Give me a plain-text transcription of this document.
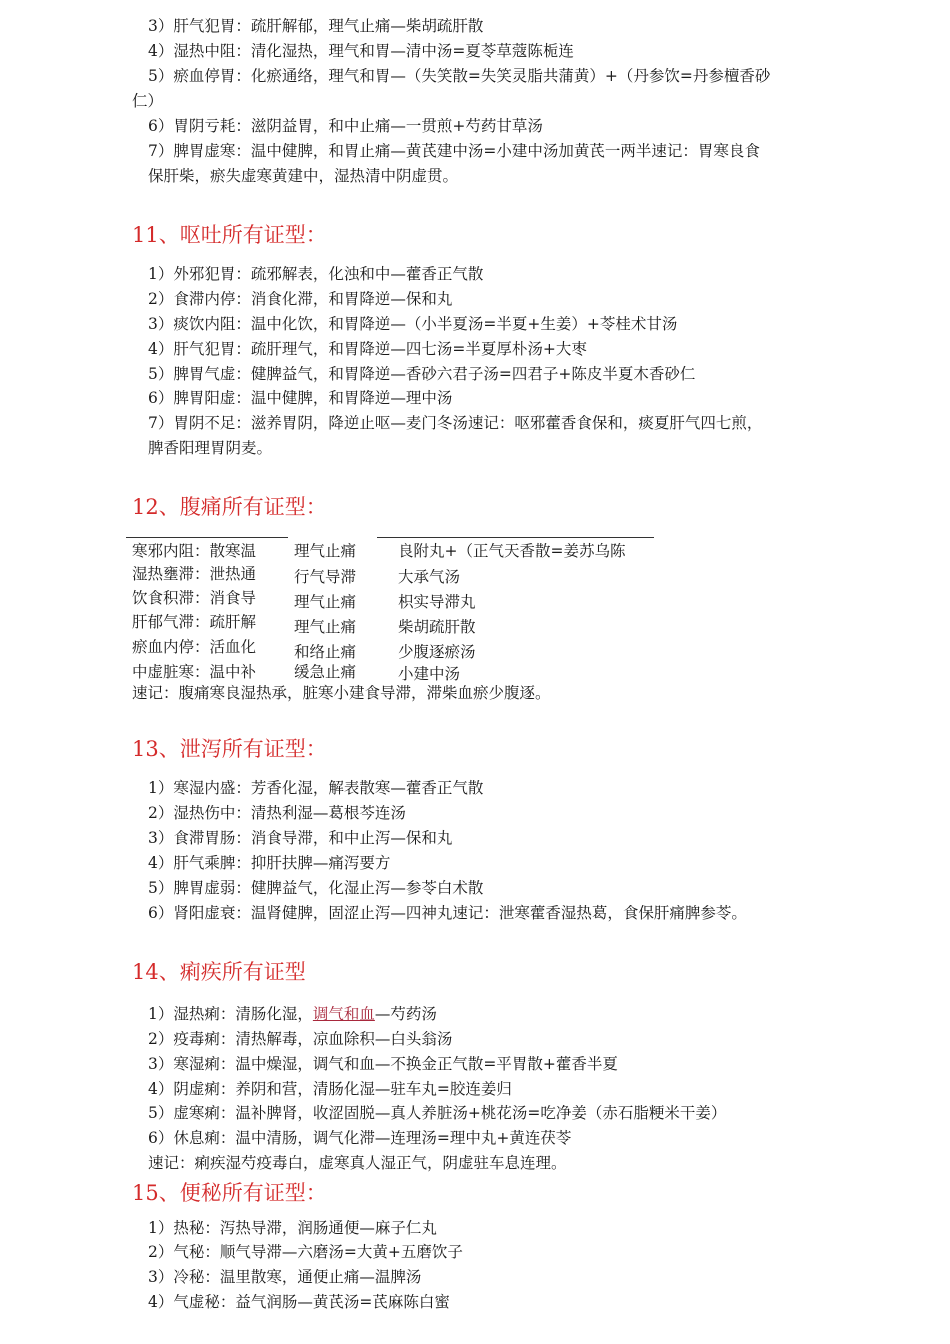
3）肝气犯胃：疏肝解郁，理气止痛—柴胡疏肝散
4）湿热中阻：清化湿热，理气和胃—清中汤=夏苓草蔻陈栀连
5）瘀血停胃：化瘀通络，理气和胃—（失笑散=失笑灵脂共蒲黄）+（丹参饮=丹参檀香砂
仁）
6）胃阴亏耗：滋阴益胃，和中止痛—一贯煎+芍药甘草汤
7）脾胃虚寒：温中健脾，和胃止痛—黄芪建中汤=小建中汤加黄芪一两半速记：胃寒良食
保肝柴，瘀失虚寒黄建中，湿热清中阴虚贯。
11、呕吐所有证型：
1）外邪犯胃：疏邪解表，化浊和中—藿香正气散
2）食滞内停：消食化滞，和胃降逆—保和丸
3）痰饮内阻：温中化饮，和胃降逆—（小半夏汤=半夏+生姜）+苓桂术甘汤
4）肝气犯胃：疏肝理气，和胃降逆—四七汤=半夏厚朴汤+大枣
5）脾胃气虚：健脾益气，和胃降逆—香砂六君子汤=四君子+陈皮半夏木香砂仁
6）脾胃阳虚：温中健脾，和胃降逆—理中汤
7）胃阴不足：滋养胃阴，降逆止呕—麦门冬汤速记：呕邪藿香食保和，痰夏肝气四七煎，
脾香阳理胃阴麦。
12、腹痛所有证型：
寒邪内阻：散寒温 理气止痛	良附丸+（正气天香散=姜苏乌陈
湿热壅滞：泄热通 行气导滞	大承气汤
饮食积滞：消食导 理气止痛	枳实导滞丸
肝郁气滞：疏肝解 理气止痛	柴胡疏肝散
瘀血内停：活血化 和络止痛	少腹逐瘀汤
中虚脏寒：温中补 缓急止痛	小建中汤
速记：腹痛寒良湿热承，脏寒小建食导滞，滞柴血瘀少腹逐。
13、泄泻所有证型：
1）寒湿内盛：芳香化湿，解表散寒—藿香正气散
2）湿热伤中：清热利湿—葛根芩连汤
3）食滞胃肠：消食导滞，和中止泻—保和丸
4）肝气乘脾：抑肝扶脾—痛泻要方
5）脾胃虚弱：健脾益气，化湿止泻—参苓白术散
6）肾阳虚衰：温肾健脾，固涩止泻—四神丸速记：泄寒藿香湿热葛，食保肝痛脾参苓。
14、痢疾所有证型
1）湿热痢：清肠化湿，调气和血—芍药汤
2）疫毒痢：清热解毒，凉血除积—白头翁汤
3）寒湿痢：温中燥湿，调气和血—不换金正气散=平胃散+藿香半夏
4）阴虚痢：养阴和营，清肠化湿—驻车丸=胶连姜归
5）虚寒痢：温补脾肾，收涩固脱—真人养脏汤+桃花汤=吃净姜（赤石脂粳米干姜）
6）休息痢：温中清肠，调气化滞—连理汤=理中丸+黄连茯苓
速记：痢疾湿芍疫毒白，虚寒真人湿正气，阴虚驻车息连理。
15、便秘所有证型：
1）热秘：泻热导滞，润肠通便—麻子仁丸
2）气秘：顺气导滞—六磨汤=大黄+五磨饮子
3）冷秘：温里散寒，通便止痛—温脾汤
4）气虚秘：益气润肠—黄芪汤=芪麻陈白蜜
